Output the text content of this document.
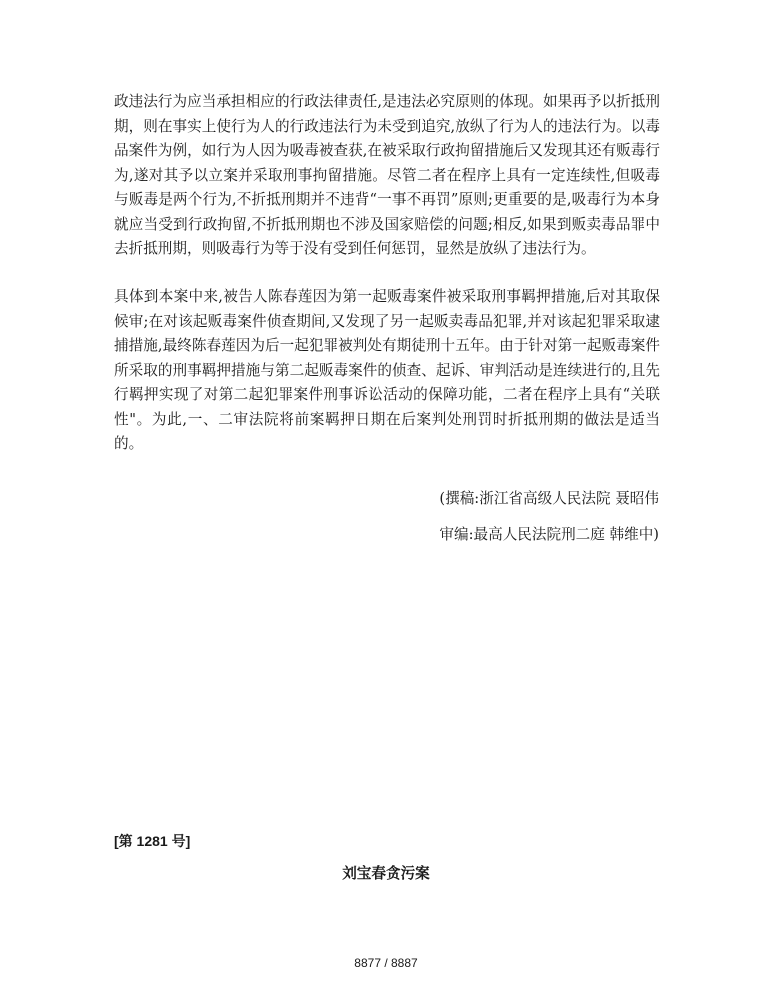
政违法行为应当承担相应的行政法律责任,是违法必究原则的体现。如果再予以折抵刑期，则在事实上使行为人的行政违法行为未受到追究,放纵了行为人的违法行为。以毒品案件为例，如行为人因为吸毒被查获,在被采取行政拘留措施后又发现其还有贩毒行为,遂对其予以立案并采取刑事拘留措施。尽管二者在程序上具有一定连续性,但吸毒与贩毒是两个行为,不折抵刑期并不违背“一事不再罚”原则;更重要的是,吸毒行为本身就应当受到行政拘留,不折抵刑期也不涉及国家赔偿的问题;相反,如果到贩卖毒品罪中去折抵刑期，则吸毒行为等于没有受到任何惩罚，显然是放纵了违法行为。

具体到本案中来,被告人陈春莲因为第一起贩毒案件被采取刑事羁押措施,后对其取保候审;在对该起贩毒案件侦查期间,又发现了另一起贩卖毒品犯罪,并对该起犯罪采取逮捕措施,最终陈春莲因为后一起犯罪被判处有期徒刑十五年。由于针对第一起贩毒案件所采取的刑事羁押措施与第二起贩毒案件的侦查、起诉、审判活动是连续进行的,且先行羁押实现了对第二起犯罪案件刑事诉讼活动的保障功能，二者在程序上具有“关联性"。为此,一、二审法院将前案羁押日期在后案判处刑罚时折抵刑期的做法是适当的。

(撰稿:浙江省高级人民法院 聂昭伟

审编:最高人民法院刑二庭 韩维中)

[第 1281 号]

刘宝春贪污案

8877 / 8887
